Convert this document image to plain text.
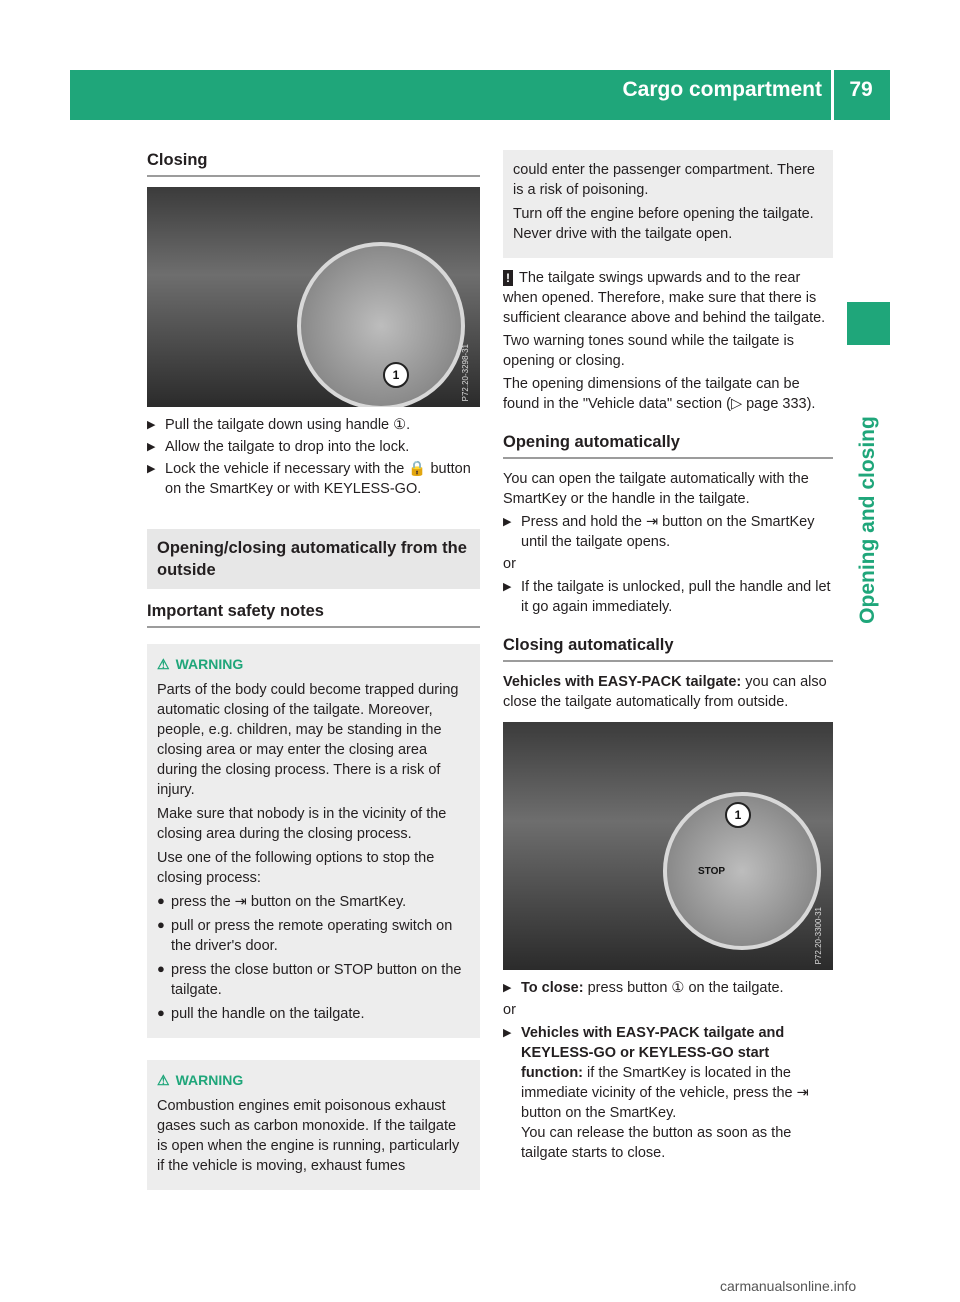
Cargo compartment	79
Opening and closing
Closing
1	P72.20-3298-31
▶ Pull the tailgate down using handle ①.
▶ Allow the tailgate to drop into the lock.
▶ Lock the vehicle if necessary with the 🔒 button on the SmartKey or with KEYLESS-GO.
Opening/closing automatically from the outside
Important safety notes
⚠ WARNING

Parts of the body could become trapped during automatic closing of the tailgate. Moreover, people, e.g. children, may be standing in the closing area or may enter the closing area during the closing process. There is a risk of injury.

Make sure that nobody is in the vicinity of the closing area during the closing process.

Use one of the following options to stop the closing process:

● press the ⇥ button on the SmartKey.
● pull or press the remote operating switch on the driver's door.
● press the close button or STOP button on the tailgate.
● pull the handle on the tailgate.
⚠ WARNING

Combustion engines emit poisonous exhaust gases such as carbon monoxide. If the tailgate is open when the engine is running, particularly if the vehicle is moving, exhaust fumes

could enter the passenger compartment. There is a risk of poisoning.

Turn off the engine before opening the tailgate. Never drive with the tailgate open.

! The tailgate swings upwards and to the rear when opened. Therefore, make sure that there is sufficient clearance above and behind the tailgate.

Two warning tones sound while the tailgate is opening or closing.

The opening dimensions of the tailgate can be found in the "Vehicle data" section (▷ page 333).

Opening automatically

You can open the tailgate automatically with the SmartKey or the handle in the tailgate.

▶ Press and hold the ⇥ button on the SmartKey until the tailgate opens.

or

▶ If the tailgate is unlocked, pull the handle and let it go again immediately.
Closing automatically

Vehicles with EASY-PACK tailgate: you can also close the tailgate automatically from outside.

STOP
1
P72.20-3300-31
▶ To close: press button ① on the tailgate.

or

▶ Vehicles with EASY-PACK tailgate and KEYLESS-GO or KEYLESS-GO start function: if the SmartKey is located in the immediate vicinity of the vehicle, press the ⇥ button on the SmartKey.
You can release the button as soon as the tailgate starts to close.
carmanualsonline.info
